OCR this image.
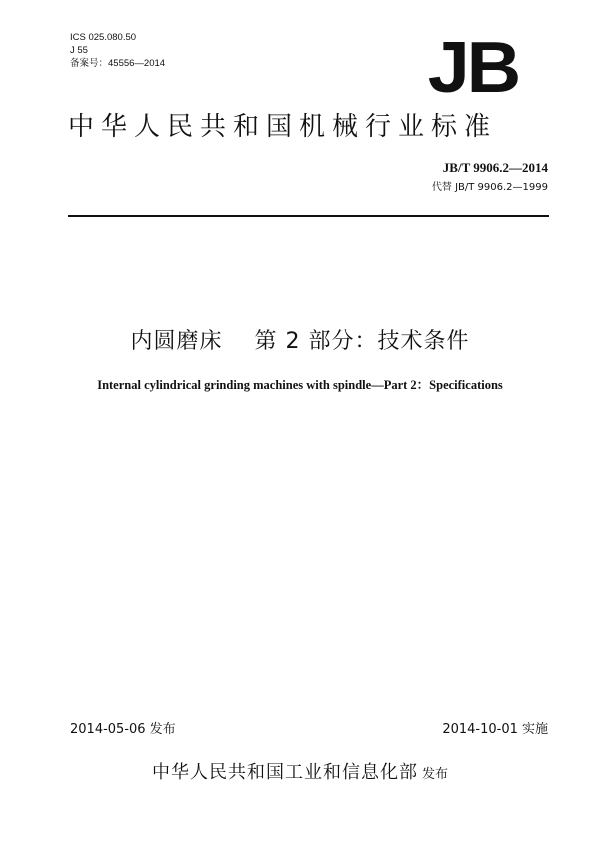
ICS 025.080.50
J 55
备案号：45556—2014	JB
中华人民共和国机械行业标准
JB/T 9906.2—2014
代替 JB/T 9906.2—1999
内圆磨床    第 2 部分：技术条件
Internal cylindrical grinding machines with spindle—Part 2：Specifications
2014-05-06 发布	2014-10-01 实施
中华人民共和国工业和信息化部 发布
